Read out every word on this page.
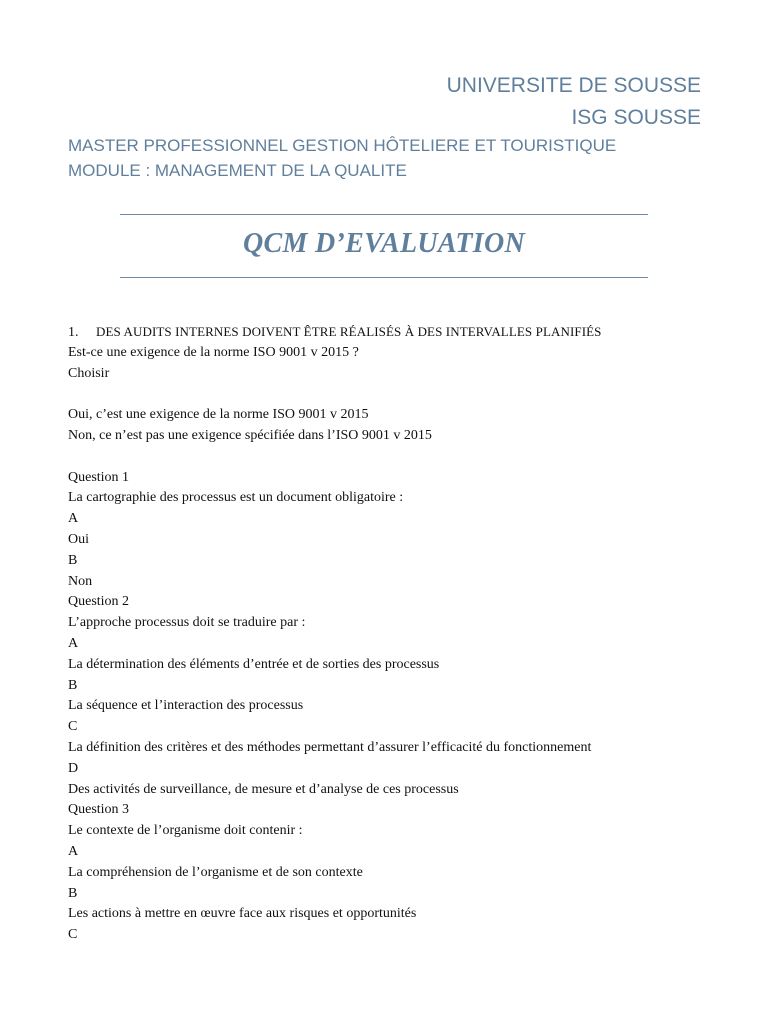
UNIVERSITE DE SOUSSE
ISG SOUSSE
MASTER PROFESSIONNEL GESTION HÔTELIERE ET TOURISTIQUE
MODULE : MANAGEMENT DE LA QUALITE
QCM D’EVALUATION
1. DES AUDITS INTERNES DOIVENT ÊTRE RÉALISÉS À DES INTERVALLES PLANIFIÉS
Est-ce une exigence de la norme ISO 9001 v 2015 ?
Choisir
Oui, c’est une exigence de la norme ISO 9001 v 2015
Non, ce n’est pas une exigence spécifiée dans l’ISO 9001 v 2015
Question 1
La cartographie des processus est un document obligatoire :
A
Oui
B
Non
Question 2
L’approche processus doit se traduire par :
A
La détermination des éléments d’entrée et de sorties des processus
B
La séquence et l’interaction des processus
C
La définition des critères et des méthodes permettant d’assurer l’efficacité du fonctionnement
D
Des activités de surveillance, de mesure et d’analyse de ces processus
Question 3
Le contexte de l’organisme doit contenir :
A
La compréhension de l’organisme et de son contexte
B
Les actions à mettre en œuvre face aux risques et opportunités
C
